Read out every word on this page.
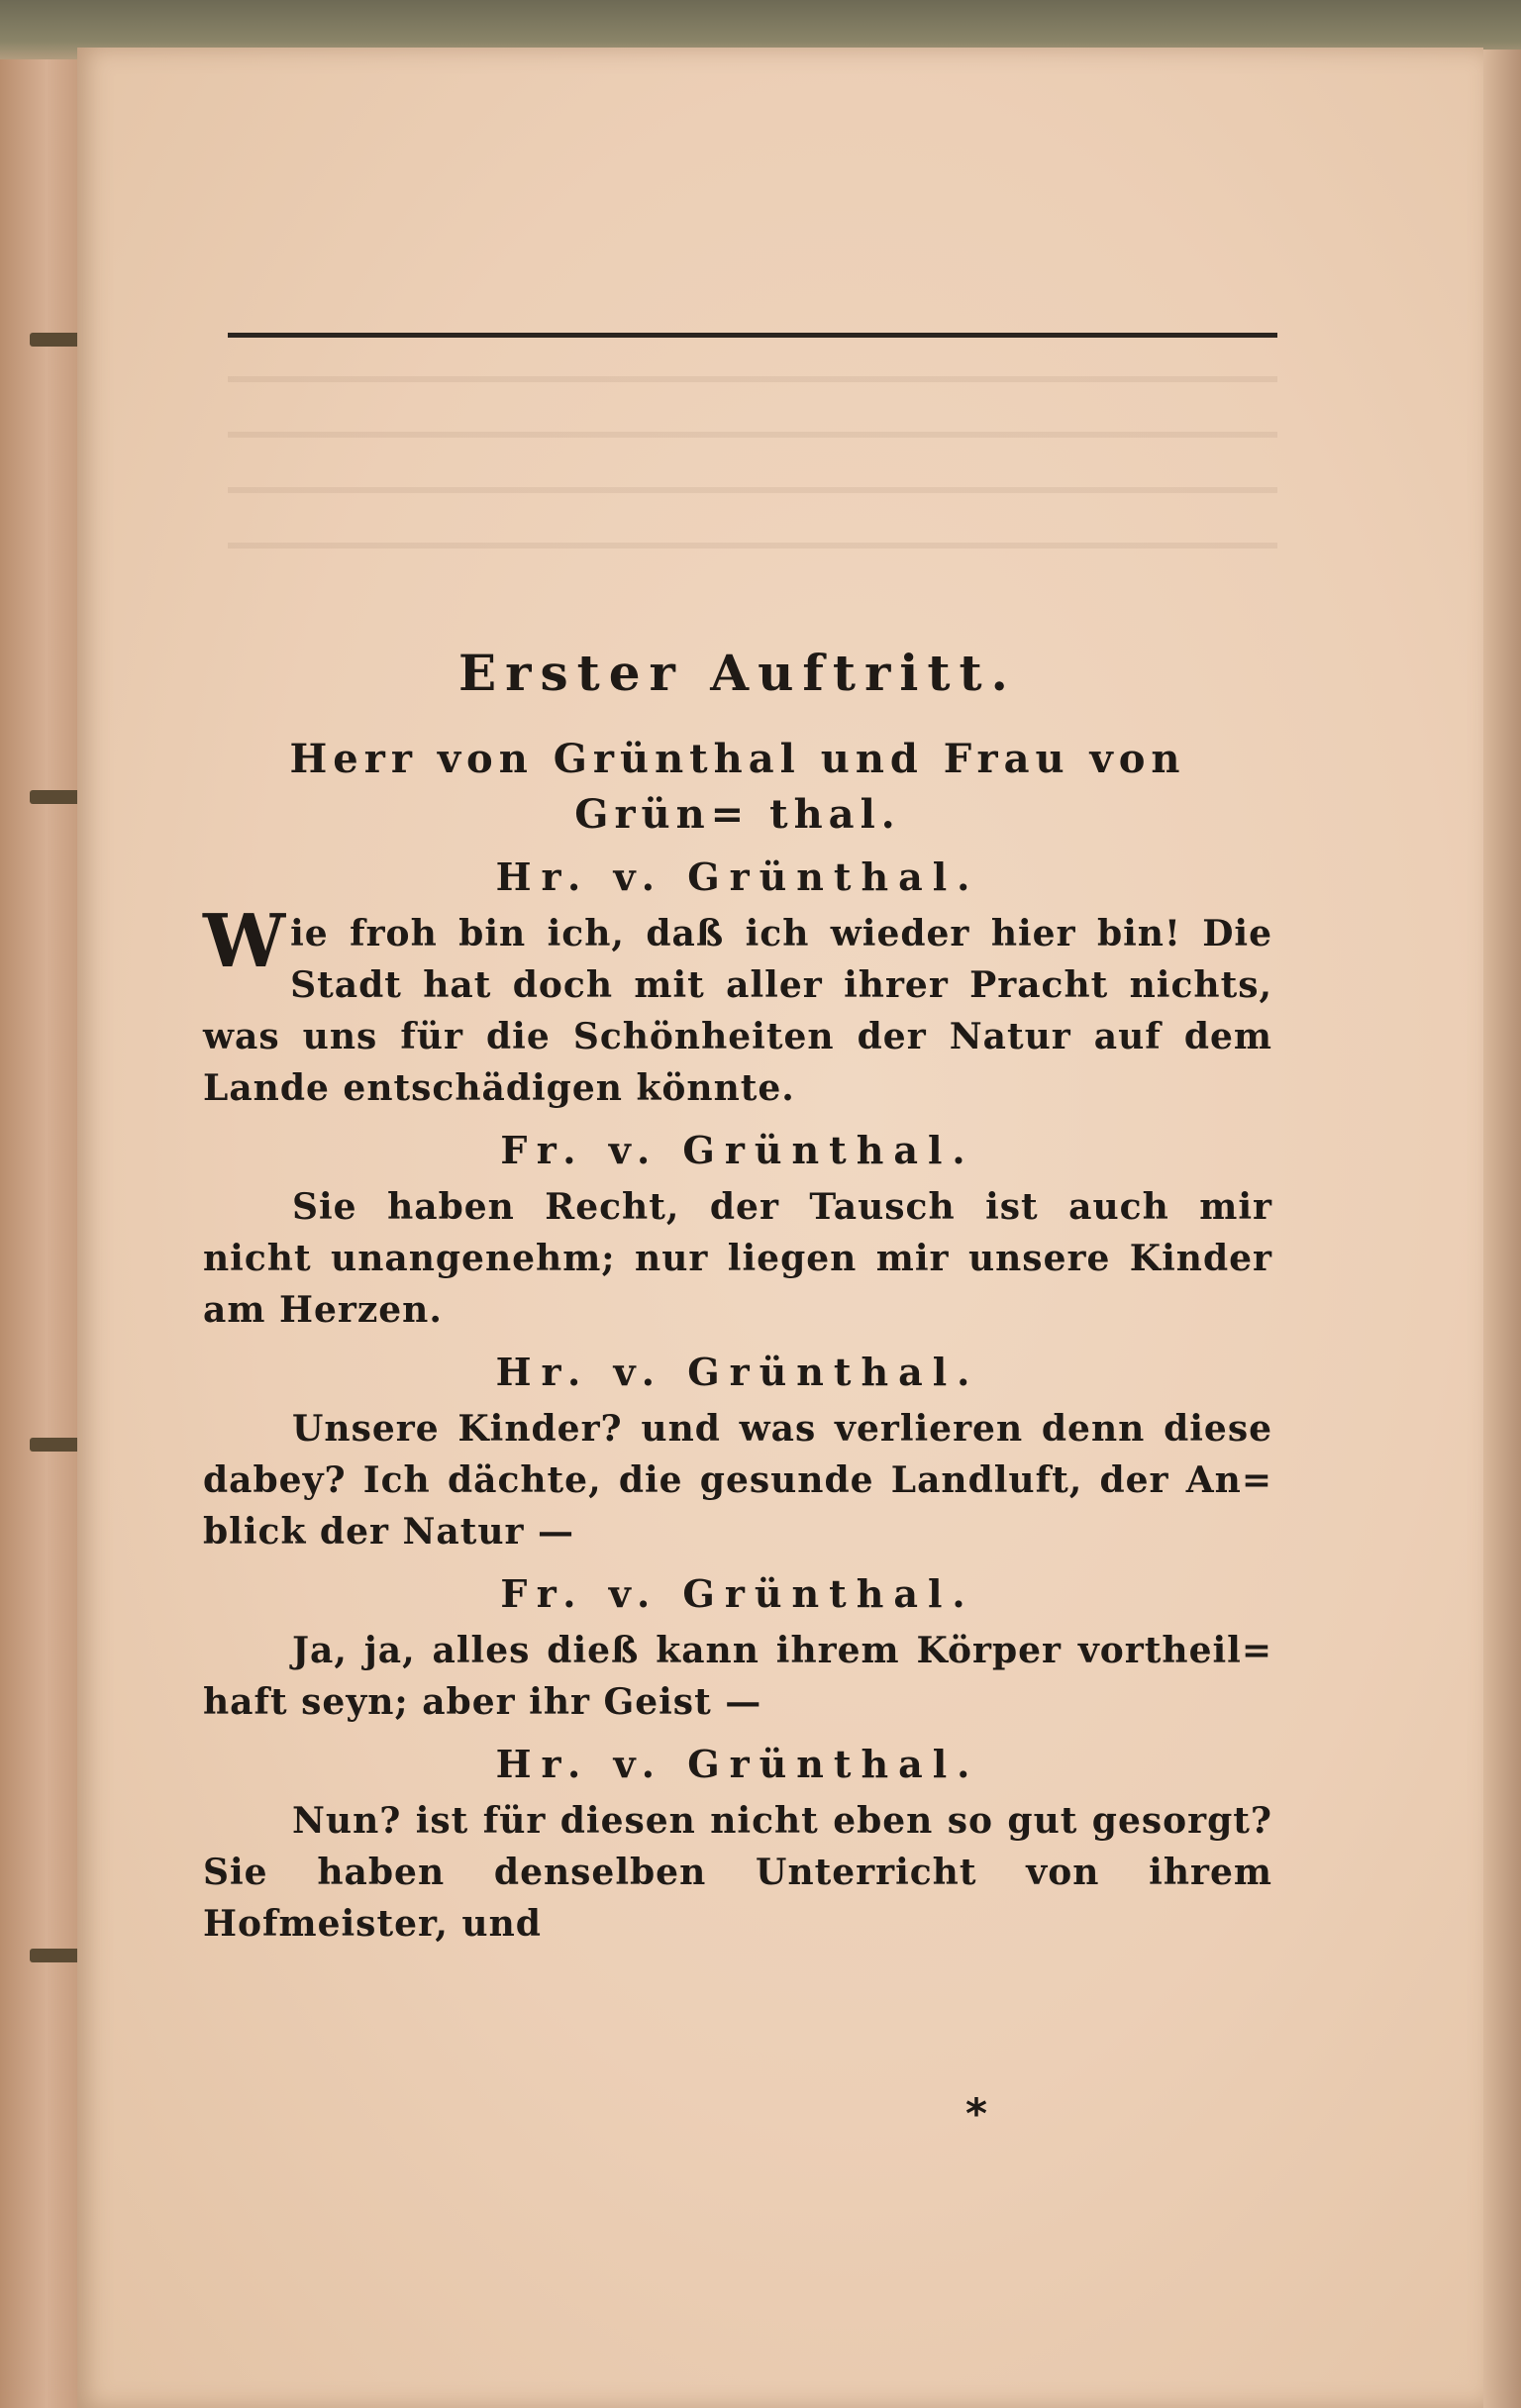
Erster Auftritt.
Herr von Grünthal und Frau von Grün= thal.
Hr. v. Grünthal.
Wie froh bin ich, daß ich wieder hier bin! Die Stadt hat doch mit aller ihrer Pracht nichts, was uns für die Schönheiten der Natur auf dem Lande entschädigen könnte.
Fr. v. Grünthal.
Sie haben Recht, der Tausch ist auch mir nicht unangenehm; nur liegen mir unsere Kinder am Herzen.
Hr. v. Grünthal.
Unsere Kinder? und was verlieren denn diese dabey? Ich dächte, die gesunde Landluft, der An= blick der Natur —
Fr. v. Grünthal.
Ja, ja, alles dieß kann ihrem Körper vortheil= haft seyn; aber ihr Geist —
Hr. v. Grünthal.
Nun? ist für diesen nicht eben so gut gesorgt? Sie haben denselben Unterricht von ihrem Hofmeister, und
*
